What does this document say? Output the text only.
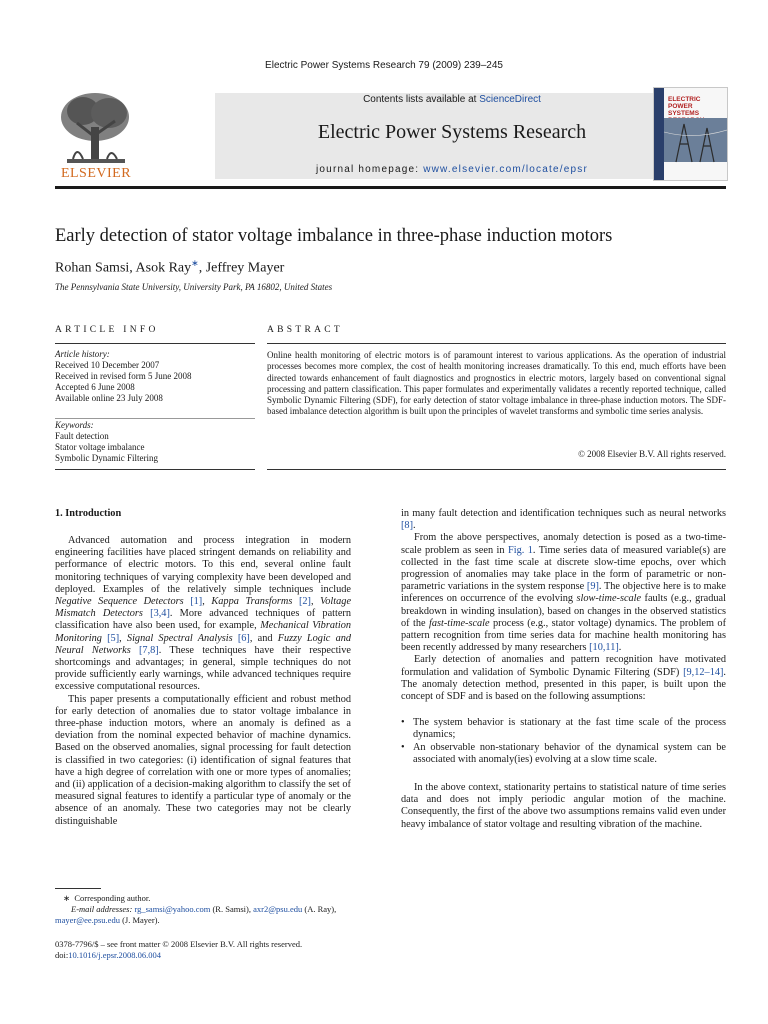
Electric Power Systems Research 79 (2009) 239–245
ELSEVIER
Contents lists available at ScienceDirect
Electric Power Systems Research
journal homepage: www.elsevier.com/locate/epsr
ELECTRIC POWER
SYSTEMS
Early detection of stator voltage imbalance in three-phase induction motors
Rohan Samsi, Asok Ray∗, Jeffrey Mayer
The Pennsylvania State University, University Park, PA 16802, United States
ARTICLE INFO	ABSTRACT
Article history:
Received 10 December 2007
Received in revised form 5 June 2008
Accepted 6 June 2008
Available online 23 July 2008
Keywords:
Fault detection
Stator voltage imbalance
Symbolic Dynamic Filtering
Online health monitoring of electric motors is of paramount interest to various applications. As the operation of industrial processes becomes more complex, the cost of health monitoring increases dramatically. To this end, much efforts have been directed towards enhancement of fault diagnostics and prognostics in electric motors, largely based on conventional signal processing and pattern classification. This paper formulates and experimentally validates a recently reported technique, called Symbolic Dynamic Filtering (SDF), for early detection of stator voltage imbalance in three-phase induction motors. The SDF-based imbalance detection algorithm is built upon the principles of wavelet transforms and symbolic time series analysis.
© 2008 Elsevier B.V. All rights reserved.
1. Introduction

Advanced automation and process integration in modern engineering facilities have placed stringent demands on reliability and performance of electric motors. To this end, several online fault monitoring techniques of varying complexity have been developed and deployed. Examples of the relatively simple techniques include Negative Sequence Detectors [1], Kappa Transforms [2], Voltage Mismatch Detectors [3,4]. More advanced techniques of pattern classification have also been used, for example, Mechanical Vibration Monitoring [5], Signal Spectral Analysis [6], and Fuzzy Logic and Neural Networks [7,8]. These techniques have their respective shortcomings and advantages; in general, simple techniques do not provide sufficiently early warnings, while advanced techniques require excessive computational resources.

This paper presents a computationally efficient and robust method for early detection of anomalies due to stator voltage imbalance in three-phase induction motors, where an anomaly is defined as a deviation from the nominal expected behavior of machine dynamics. Based on the observed anomalies, signal processing for fault detection is classified in two categories: (i) identification of signal features that have a high degree of correlation with one or more types of anomalies; and (ii) application of a decision-making algorithm to classify the set of measured signal features to identify a particular type of anomaly or the absence of an anomaly. These two categories may not be clearly distinguishable

in many fault detection and identification techniques such as neural networks [8].

From the above perspectives, anomaly detection is posed as a two-time-scale problem as seen in Fig. 1. Time series data of measured variable(s) are collected in the fast time scale at discrete slow-time epochs, over which progression of anomalies may take place in the form of parametric or non-parametric variations in the system response [9]. The objective here is to make inferences on occurrence of the evolving slow-time-scale faults (e.g., gradual breakdown in winding insulation), based on changes in the observed statistics of the fast-time-scale process (e.g., stator voltage) dynamics. The problem of pattern recognition from time series data for machine health monitoring has been recently addressed by many researchers [10,11].

Early detection of anomalies and pattern recognition have motivated formulation and validation of Symbolic Dynamic Filtering (SDF) [9,12–14]. The anomaly detection method, presented in this paper, is built upon the concept of SDF and is based on the following assumptions:

• The system behavior is stationary at the fast time scale of the process dynamics;
• An observable non-stationary behavior of the dynamical system can be associated with anomaly(ies) evolving at a slow time scale.

In the above context, stationarity pertains to statistical nature of time series data and does not imply periodic angular motion of the machine. Consequently, the first of the above two assumptions remains valid even under heavy imbalance of stator voltage and resulting vibration of the machine.

∗ Corresponding author.
E-mail addresses: rg_samsi@yahoo.com (R. Samsi), axr2@psu.edu (A. Ray),
mayer@ee.psu.edu (J. Mayer).
0378-7796/$ – see front matter © 2008 Elsevier B.V. All rights reserved.
doi:10.1016/j.epsr.2008.06.004
